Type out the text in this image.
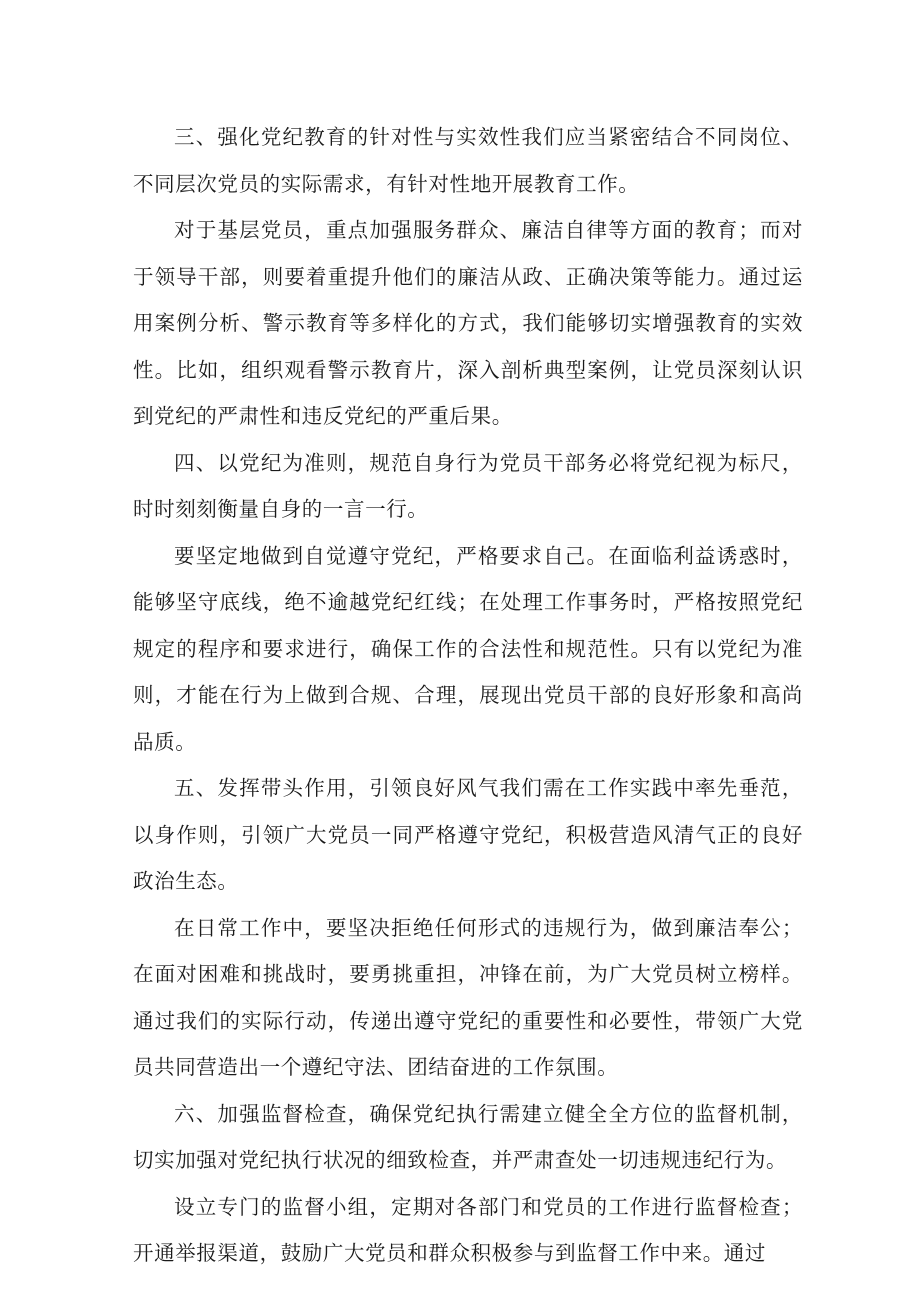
三、强化党纪教育的针对性与实效性我们应当紧密结合不同岗位、不同层次党员的实际需求，有针对性地开展教育工作。

对于基层党员，重点加强服务群众、廉洁自律等方面的教育；而对于领导干部，则要着重提升他们的廉洁从政、正确决策等能力。通过运用案例分析、警示教育等多样化的方式，我们能够切实增强教育的实效性。比如，组织观看警示教育片，深入剖析典型案例，让党员深刻认识到党纪的严肃性和违反党纪的严重后果。

四、以党纪为准则，规范自身行为党员干部务必将党纪视为标尺，时时刻刻衡量自身的一言一行。

要坚定地做到自觉遵守党纪，严格要求自己。在面临利益诱惑时，能够坚守底线，绝不逾越党纪红线；在处理工作事务时，严格按照党纪规定的程序和要求进行，确保工作的合法性和规范性。只有以党纪为准则，才能在行为上做到合规、合理，展现出党员干部的良好形象和高尚品质。

五、发挥带头作用，引领良好风气我们需在工作实践中率先垂范，以身作则，引领广大党员一同严格遵守党纪，积极营造风清气正的良好政治生态。

在日常工作中，要坚决拒绝任何形式的违规行为，做到廉洁奉公；在面对困难和挑战时，要勇挑重担，冲锋在前，为广大党员树立榜样。通过我们的实际行动，传递出遵守党纪的重要性和必要性，带领广大党员共同营造出一个遵纪守法、团结奋进的工作氛围。

六、加强监督检查，确保党纪执行需建立健全全方位的监督机制，切实加强对党纪执行状况的细致检查，并严肃查处一切违规违纪行为。

设立专门的监督小组，定期对各部门和党员的工作进行监督检查；开通举报渠道，鼓励广大党员和群众积极参与到监督工作中来。通过
